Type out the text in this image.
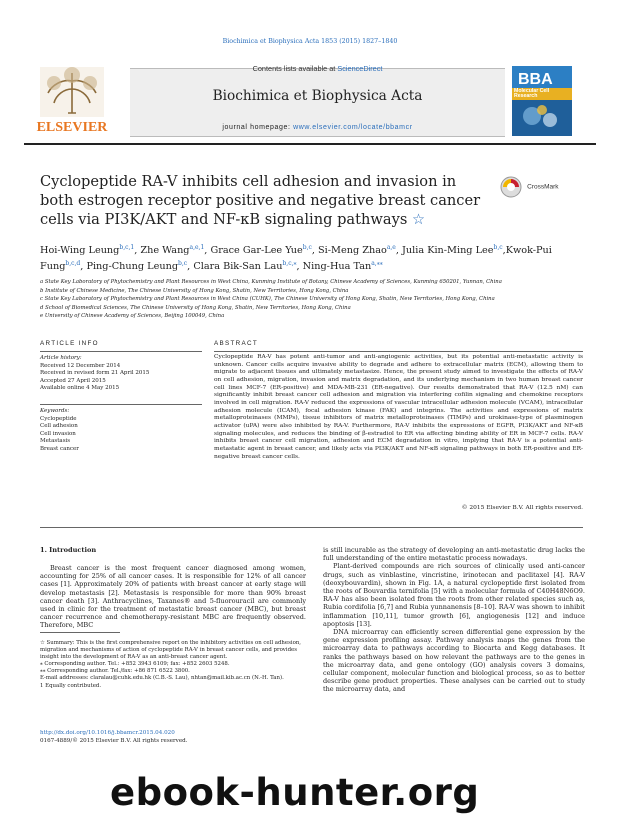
Biochimica et Biophysica Acta 1853 (2015) 1827–1840
ELSEVIER
Contents lists available at ScienceDirect
Biochimica et Biophysica Acta
journal homepage: www.elsevier.com/locate/bbamcr
BBA
Molecular Cell Research
Cyclopeptide RA-V inhibits cell adhesion and invasion in both estrogen receptor positive and negative breast cancer cells via PI3K/AKT and NF-κB signaling pathways ☆
CrossMark
Hoi-Wing Leung$^{b,c,1}$, Zhe Wang$^{a,e,1}$, Grace Gar-Lee Yue$^{b,c}$, Si-Meng Zhao$^{a,e}$, Julia Kin-Ming Lee$^{b,c}$,Kwok-Pui Fung$^{b,c,d}$, Ping-Chung Leung$^{b,c}$, Clara Bik-San Lau$^{b,c,⁎}$, Ning-Hua Tan$^{a,⁎⁎}$
a State Key Laboratory of Phytochemistry and Plant Resources in West China, Kunming Institute of Botany, Chinese Academy of Sciences, Kunming 650201, Yunnan, China
b Institute of Chinese Medicine, The Chinese University of Hong Kong, Shatin, New Territories, Hong Kong, China
c State Key Laboratory of Phytochemistry and Plant Resources in West China (CUHK), The Chinese University of Hong Kong, Shatin, New Territories, Hong Kong, China
d School of Biomedical Sciences, The Chinese University of Hong Kong, Shatin, New Territories, Hong Kong, China
e University of Chinese Academy of Sciences, Beijing 100049, China
ARTICLE INFO	ABSTRACT
Article history:
Received 12 December 2014
Received in revised form 21 April 2015
Accepted 27 April 2015
Available online 4 May 2015
Keywords:
Cyclopeptide
Cell adhesion
Cell invasion
Metastasis
Breast cancer
Cyclopeptide RA-V has potent anti-tumor and anti-angiogenic activities, but its potential anti-metastatic activity is unknown. Cancer cells acquire invasive ability to degrade and adhere to extracellular matrix (ECM), allowing them to migrate to adjacent tissues and ultimately metastasize. Hence, the present study aimed to investigate the effects of RA-V on cell adhesion, migration, invasion and matrix degradation, and its underlying mechanism in two human breast cancer cell lines MCF-7 (ER-positive) and MDA-MB-231 (ER-negative). Our results demonstrated that RA-V (12.5 nM) can significantly inhibit breast cancer cell adhesion and migration via interfering cofilin signaling and chemokine receptors involved in cell migration. RA-V reduced the expressions of vascular intracellular adhesion molecule (VCAM), intracellular adhesion molecule (ICAM), focal adhesion kinase (FAK) and integrins. The activities and expressions of matrix metalloproteinases (MMPs), tissue inhibitors of matrix metalloproteinases (TIMPs) and urokinase-type of plasminogen activator (uPA) were also inhibited by RA-V. Furthermore, RA-V inhibits the expressions of EGFR, PI3K/AKT and NF-κB signaling molecules, and reduces the binding of β-estradiol to ER via affecting binding ability of ER in MCF-7 cells. RA-V inhibits breast cancer cell migration, adhesion and ECM degradation in vitro, implying that RA-V is a potential anti-metastatic agent in breast cancer, and likely acts via PI3K/AKT and NF-κB signaling pathways in both ER-positive and ER-negative breast cancer cells.
© 2015 Elsevier B.V. All rights reserved.
1. Introduction

Breast cancer is the most frequent cancer diagnosed among women, accounting for 25% of all cancer cases. It is responsible for 12% of all cancer cases [1]. Approximately 20% of patients with breast cancer at early stage will develop metastasis [2]. Metastasis is responsible for more than 90% breast cancer death [3]. Anthracyclines, Taxanes® and 5-fluorouracil are commonly used in clinic for the treatment of metastatic breast cancer (MBC), but breast cancer recurrence and chemotherapy-resistant MBC are frequently observed. Therefore, MBC

☆ Summary: This is the first comprehensive report on the inhibitory activities on cell adhesion, migration and mechanisms of action of cyclopeptide RA-V in breast cancer cells, and provides insight into the development of RA-V as an anti-breast cancer agent.
⁎ Corresponding author. Tel.: +852 3943 6109; fax: +852 2603 5248.
⁎⁎ Corresponding author. Tel./fax: +86 871 6522 3800.
E-mail addresses: claralau@cuhk.edu.hk (C.B.-S. Lau), nhtan@mail.kib.ac.cn (N.-H. Tan).
1 Equally contributed.

is still incurable as the strategy of developing an anti-metastatic drug lacks the full understanding of the entire metastatic process nowadays.

Plant-derived compounds are rich sources of clinically used anti-cancer drugs, such as vinblastine, vincristine, irinotecan and paclitaxel [4]. RA-V (deoxybouvardin), shown in Fig. 1A, a natural cyclopeptide first isolated from the roots of Bouvardia ternifolia [5] with a molecular formula of C40H48N6O9. RA-V has also been isolated from the roots from other related species such as, Rubia cordifolia [6,7] and Rubia yunnanensis [8–10]. RA-V was shown to inhibit inflammation [10,11], tumor growth [6], angiogenesis [12] and induce apoptosis [13].

DNA microarray can efficiently screen differential gene expression by the gene expression profiling assay. Pathway analysis maps the genes from the microarray data to pathways according to Biocarta and Kegg databases. It ranks the pathways based on how relevant the pathways are to the genes in the microarray data, and gene ontology (GO) analysis covers 3 domains, cellular component, molecular function and biological process, so as to better describe gene product properties. These analyses can be carried out to study the microarray data, and

http://dx.doi.org/10.1016/j.bbamcr.2015.04.020
0167-4889/© 2015 Elsevier B.V. All rights reserved.
ebook-hunter.org
